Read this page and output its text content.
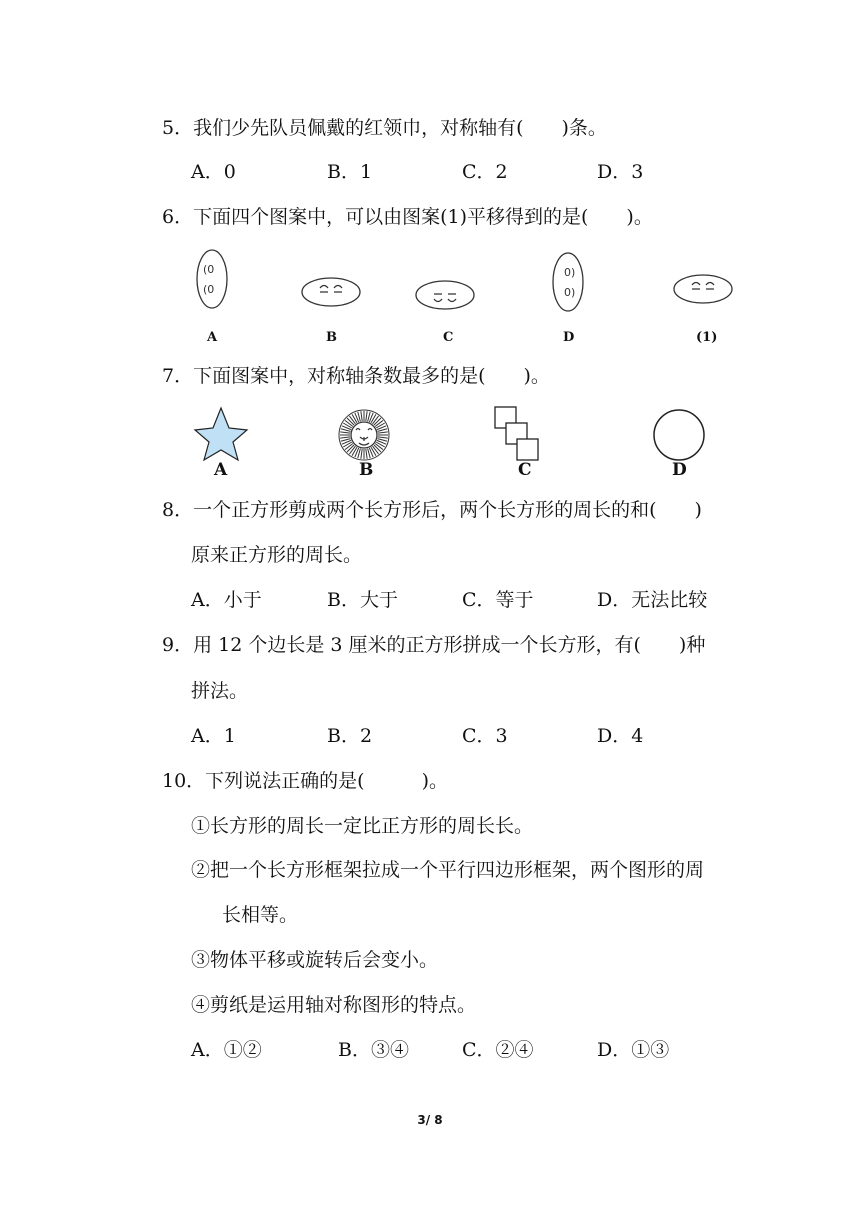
5．我们少先队员佩戴的红领巾，对称轴有(　　)条。
A．0	B．1	C．2	D．3
6．下面四个图案中，可以由图案(1)平移得到的是(　　)。
(0
(0
0)
0)
A	B	C	D	(1)
7．下面图案中，对称轴条数最多的是(　　)。
A	B	C	D
8．一个正方形剪成两个长方形后，两个长方形的周长的和(　　)
原来正方形的周长。
A．小于	B．大于	C．等于	D．无法比较
9．用 12 个边长是 3 厘米的正方形拼成一个长方形，有(　　)种
拼法。
A．1	B．2	C．3	D．4
10．下列说法正确的是(　　　)。
①长方形的周长一定比正方形的周长长。
②把一个长方形框架拉成一个平行四边形框架，两个图形的周
长相等。
③物体平移或旋转后会变小。
④剪纸是运用轴对称图形的特点。
A．①②	B．③④	C．②④	D．①③
3/ 8
